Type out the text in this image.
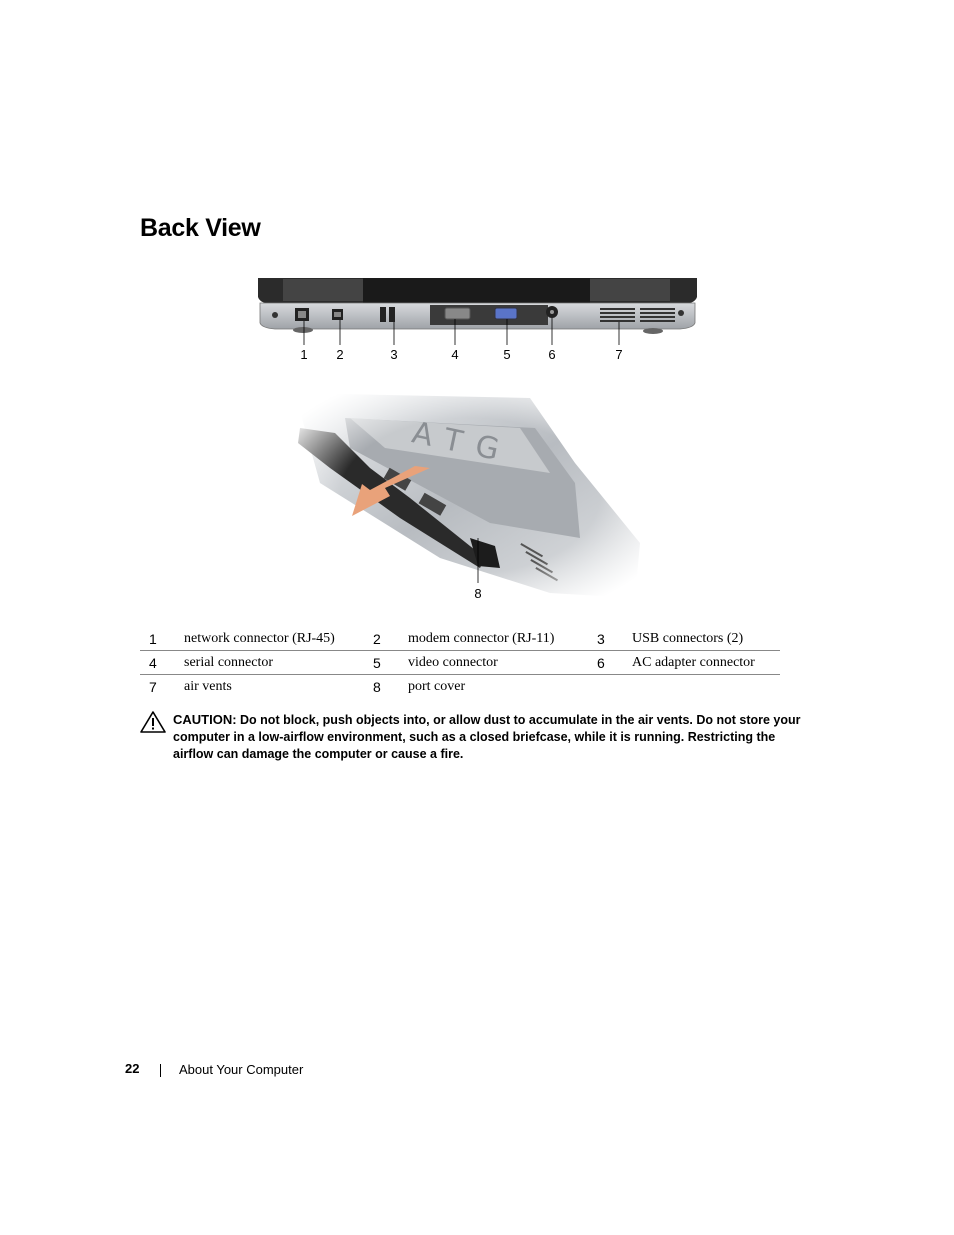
Back View
1	2	3	4	5	6	7
8
1	network connector (RJ-45)	2	modem connector (RJ-11)	3	USB connectors (2)
4	serial connector	5	video connector	6	AC adapter connector
7	air vents	8	port cover		
CAUTION: Do not block, push objects into, or allow dust to accumulate in the air vents. Do not store your computer in a low-airflow environment, such as a closed briefcase, while it is running. Restricting the airflow can damage the computer or cause a fire.
22	About Your Computer
